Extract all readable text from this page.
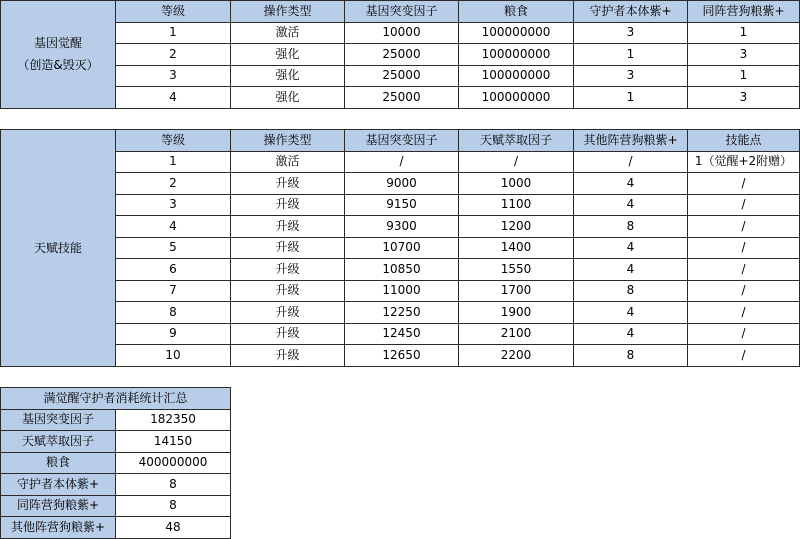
基因觉醒
（创造&毁灭）	等级	操作类型	基因突变因子	粮食	守护者本体紫+	同阵营狗粮紫+
	1	激活	10000	100000000	3	1
	2	强化	25000	100000000	1	3
	3	强化	25000	100000000	3	1
	4	强化	25000	100000000	1	3
天赋技能	等级	操作类型	基因突变因子	天赋萃取因子	其他阵营狗粮紫+	技能点
	1	激活	/	/	/	1（觉醒+2附赠）
	2	升级	9000	1000	4	/
	3	升级	9150	1100	4	/
	4	升级	9300	1200	8	/
	5	升级	10700	1400	4	/
	6	升级	10850	1550	4	/
	7	升级	11000	1700	8	/
	8	升级	12250	1900	4	/
	9	升级	12450	2100	4	/
	10	升级	12650	2200	8	/
满觉醒守护者消耗统计汇总	
基因突变因子	182350
天赋萃取因子	14150
粮食	400000000
守护者本体紫+	8
同阵营狗粮紫+	8
其他阵营狗粮紫+	48
